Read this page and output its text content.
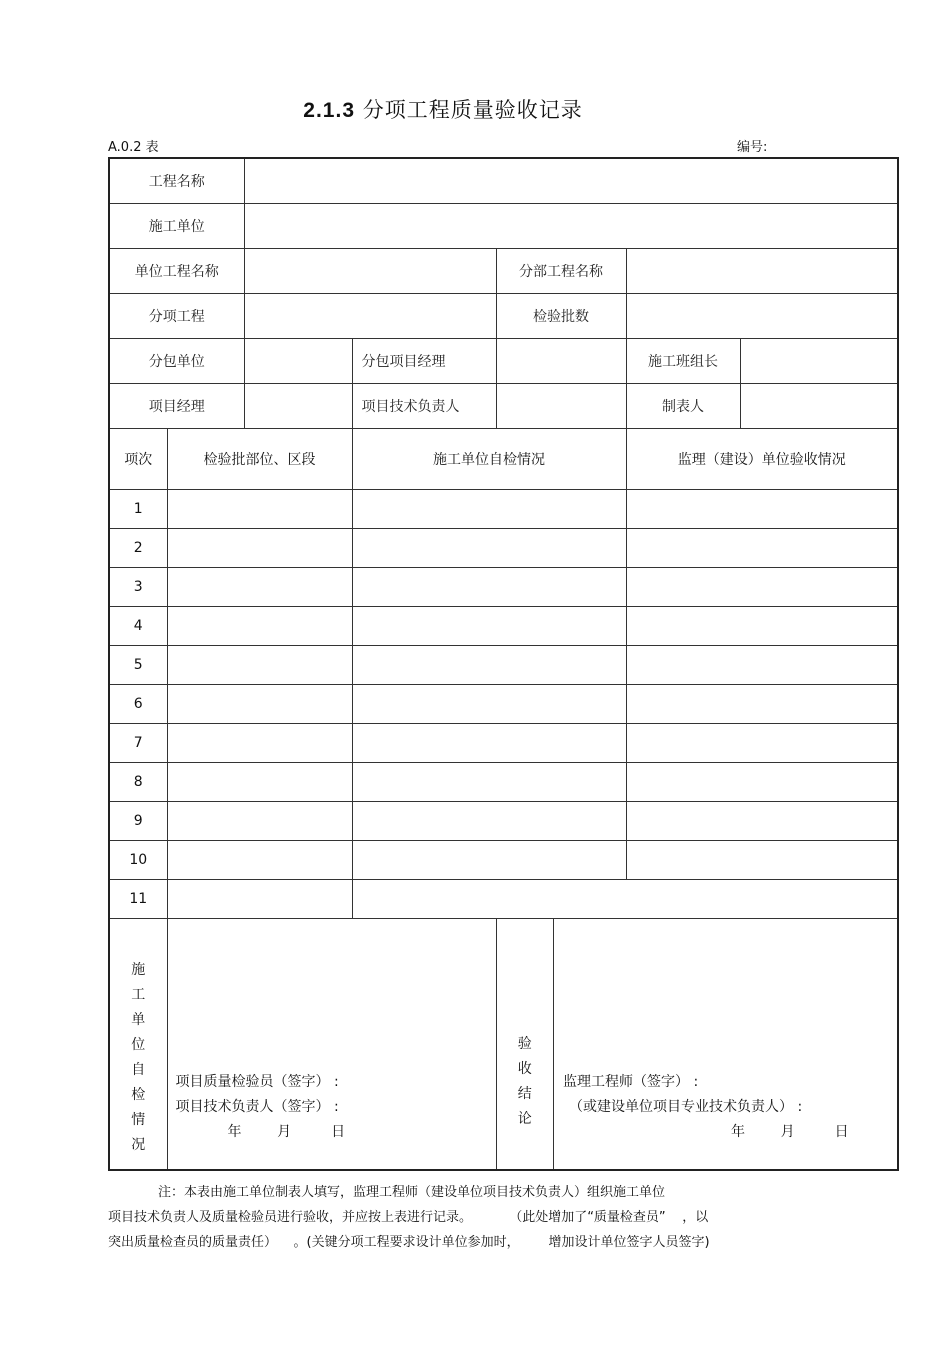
2.1.3 分项工程质量验收记录
A.0.2 表	编号:
工程名称	
施工单位	
单位工程名称		分部工程名称	
分项工程		检验批数	
分包单位		分包项目经理		施工班组长	
项目经理		项目技术负责人		制表人	
项次	检验批部位、区段	施工单位自检情况	监理（建设）单位验收情况
1			
2			
3			
4			
5			
6			
7			
8			
9			
10			
11		

施
工
单
位
自
检
情
况

项目质量检验员（签字） :
项目技术负责人（签字） :
年        月         日

验
收
结
论

监理工程师（签字） :
（或建设单位项目专业技术负责人） :
年        月         日
注：本表由施工单位制表人填写，监理工程师（建设单位项目技术负责人）组织施工单位
项目技术负责人及质量检验员进行验收，并应按上表进行记录。         （此处增加了“质量检查员”    ，以
突出质量检查员的质量责任）    。(关键分项工程要求设计单位参加时，       增加设计单位签字人员签字)
